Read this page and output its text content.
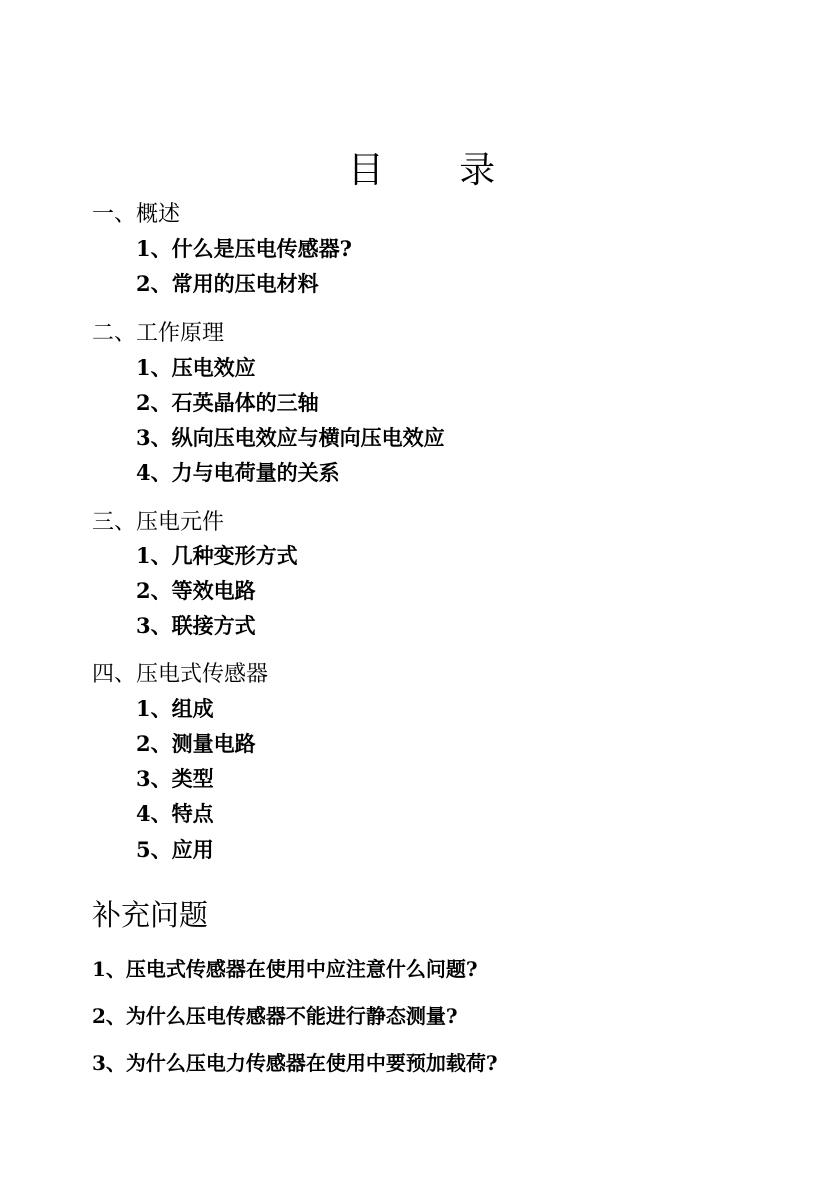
目 录
一、概述
1、什么是压电传感器?
2、常用的压电材料
二、工作原理
1、压电效应
2、石英晶体的三轴
3、纵向压电效应与横向压电效应
4、力与电荷量的关系
三、压电元件
1、几种变形方式
2、等效电路
3、联接方式
四、压电式传感器
1、组成
2、测量电路
3、类型
4、特点
5、应用
补充问题
1、压电式传感器在使用中应注意什么问题?
2、为什么压电传感器不能进行静态测量?
3、为什么压电力传感器在使用中要预加载荷?
